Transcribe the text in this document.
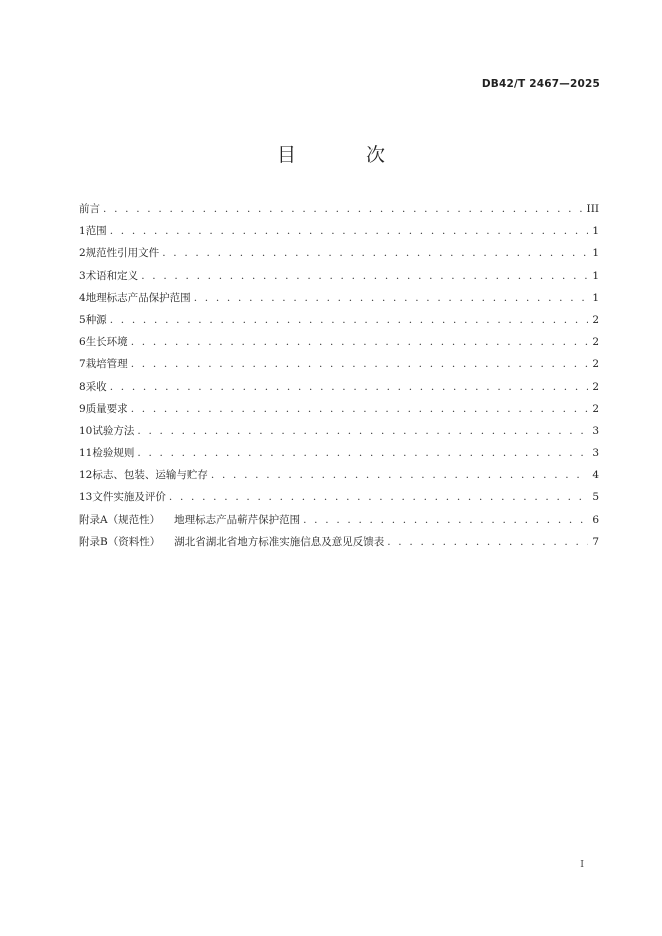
DB42/T 2467—2025
目 次
前言 . . .	III
1 范围 . . .	1
2 规范性引用文件 . . .	1
3 术语和定义 . . .	1
4 地理标志产品保护范围 . . .	1
5 种源 . . .	2
6 生长环境 . . .	2
7 栽培管理 . . .	2
8 采收 . . .	2
9 质量要求 . . .	2
10 试验方法 . . .	3
11 检验规则 . . .	3
12 标志、包装、运输与贮存 . . .	4
13 文件实施及评价 . . .	5
附录A（规范性） 地理标志产品蕲芹保护范围 . . .	6
附录B（资料性） 湖北省湖北省地方标准实施信息及意见反馈表 . . .	7
I
